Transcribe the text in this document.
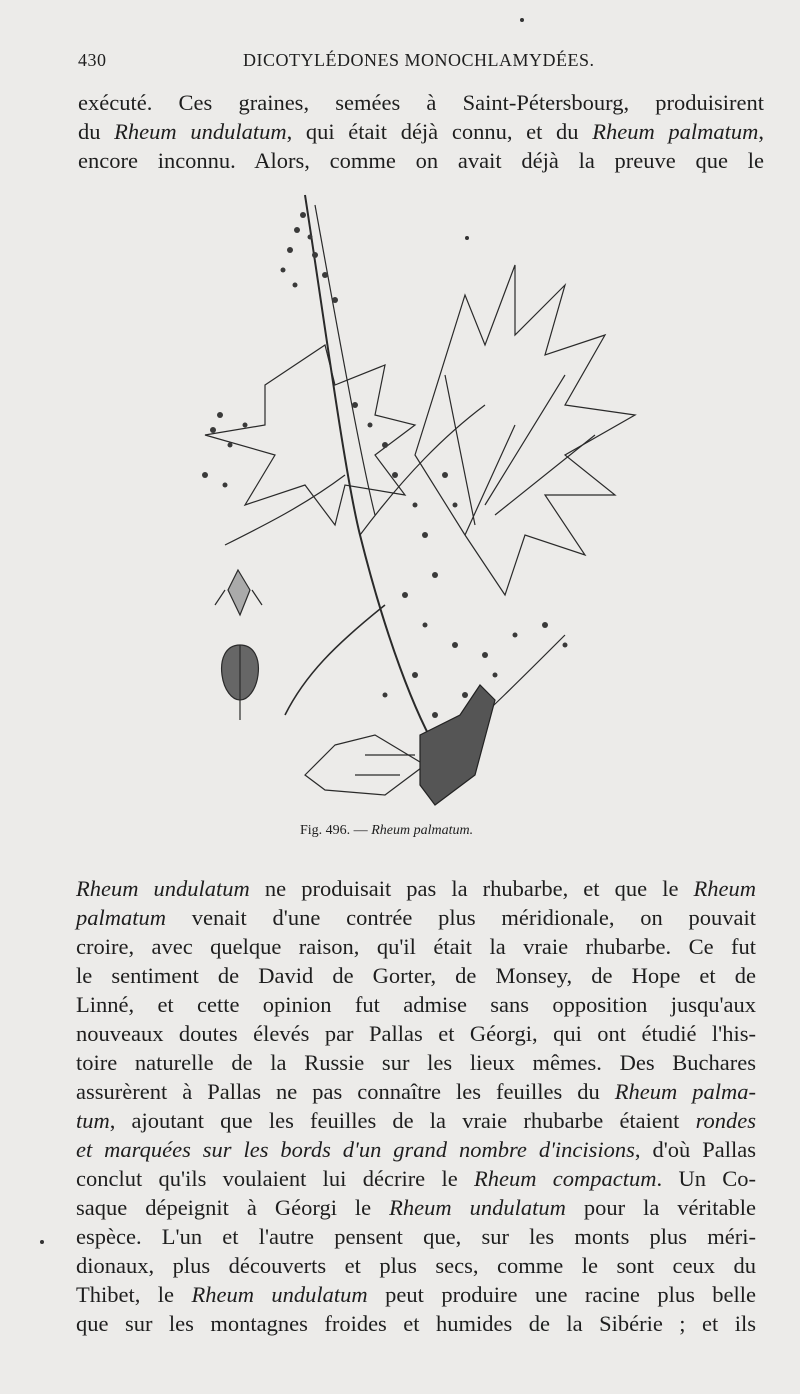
430	DICOTYLÉDONES MONOCHLAMYDÉES.
exécuté. Ces graines, semées à Saint-Pétersbourg, produisirent
du Rheum undulatum, qui était déjà connu, et du Rheum palmatum,
encore inconnu. Alors, comme on avait déjà la preuve que le
Fig. 496. — Rheum palmatum.
Rheum undulatum ne produisait pas la rhubarbe, et que le Rheum
palmatum venait d'une contrée plus méridionale, on pouvait
croire, avec quelque raison, qu'il était la vraie rhubarbe. Ce fut
le sentiment de David de Gorter, de Monsey, de Hope et de
Linné, et cette opinion fut admise sans opposition jusqu'aux
nouveaux doutes élevés par Pallas et Géorgi, qui ont étudié l'his-
toire naturelle de la Russie sur les lieux mêmes. Des Buchares
assurèrent à Pallas ne pas connaître les feuilles du Rheum palma-
tum, ajoutant que les feuilles de la vraie rhubarbe étaient rondes
et marquées sur les bords d'un grand nombre d'incisions, d'où Pallas
conclut qu'ils voulaient lui décrire le Rheum compactum. Un Co-
saque dépeignit à Géorgi le Rheum undulatum pour la véritable
espèce. L'un et l'autre pensent que, sur les monts plus méri-
dionaux, plus découverts et plus secs, comme le sont ceux du
Thibet, le Rheum undulatum peut produire une racine plus belle
que sur les montagnes froides et humides de la Sibérie ; et ils
